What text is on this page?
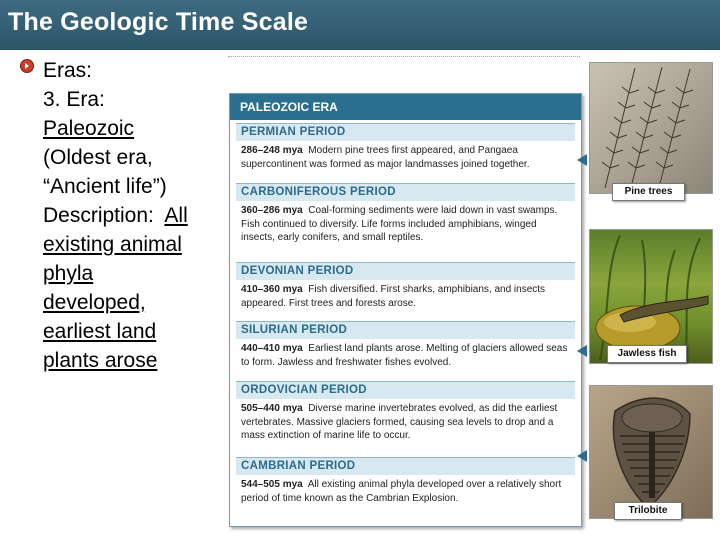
The Geologic Time Scale
Eras:
3. Era:
Paleozoic
(Oldest era,
“Ancient life”)
Description: All
existing animal
phyla
developed,
earliest land
plants arose
PALEOZOIC ERA
PERMIAN PERIOD
286–248 mya Modern pine trees first appeared, and Pangaea supercontinent was formed as major landmasses joined together.
CARBONIFEROUS PERIOD
360–286 mya Coal-forming sediments were laid down in vast swamps. Fish continued to diversify. Life forms included amphibians, winged insects, early conifers, and small reptiles.
DEVONIAN PERIOD
410–360 mya Fish diversified. First sharks, amphibians, and insects appeared. First trees and forests arose.
SILURIAN PERIOD
440–410 mya Earliest land plants arose. Melting of glaciers allowed seas to form. Jawless and freshwater fishes evolved.
ORDOVICIAN PERIOD
505–440 mya Diverse marine invertebrates evolved, as did the earliest vertebrates. Massive glaciers formed, causing sea levels to drop and a mass extinction of marine life to occur.
CAMBRIAN PERIOD
544–505 mya All existing animal phyla developed over a relatively short period of time known as the Cambrian Explosion.
Pine trees
Jawless fish
Trilobite
